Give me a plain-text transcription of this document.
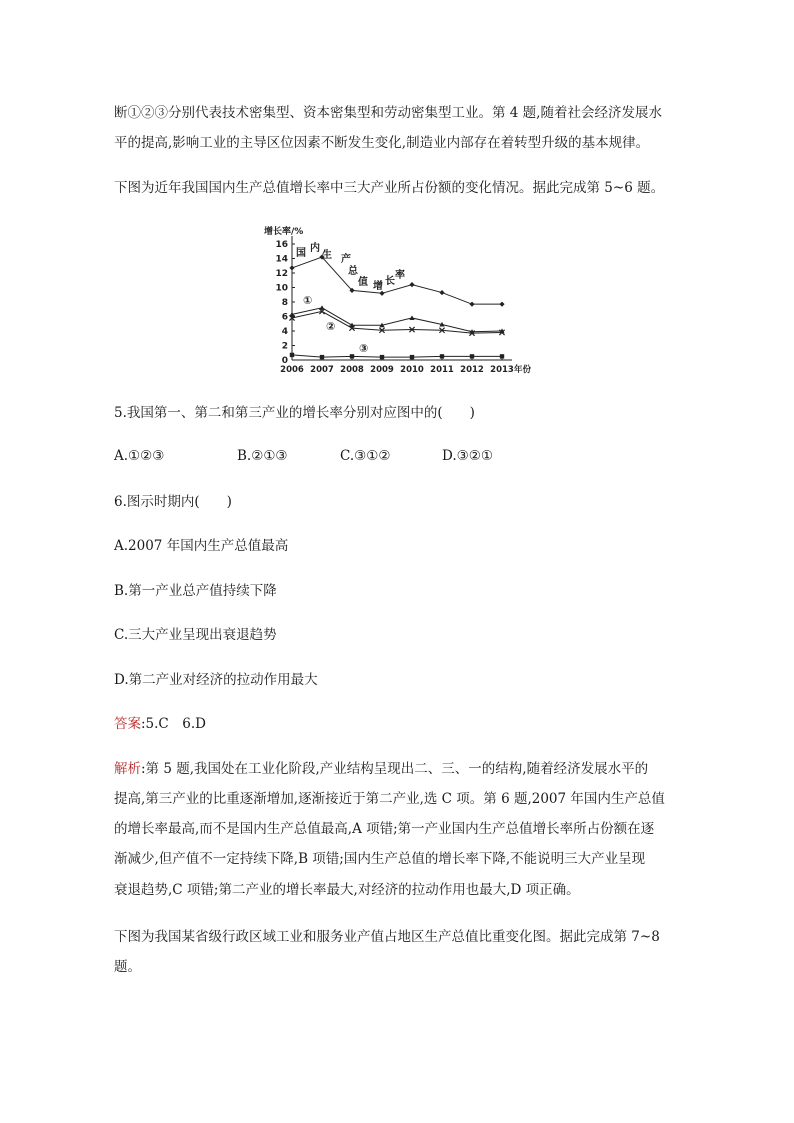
断①②③分别代表技术密集型、资本密集型和劳动密集型工业。第 4 题,随着社会经济发展水
平的提高,影响工业的主导区位因素不断发生变化,制造业内部存在着转型升级的基本规律。
下图为近年我国国内生产总值增长率中三大产业所占份额的变化情况。据此完成第 5~6 题。
增长率/%
0
2
4
6
8
10
12
14
16
2006 2007 2008 2009 2010 2011 2012 2013 年份
国 内
生 产
总
值 增 长
率
①
②
③
5.我国第一、第二和第三产业的增长率分别对应图中的(　　)
A.①②③	B.②①③	C.③①②	D.③②①
6.图示时期内(　　)
A.2007 年国内生产总值最高
B.第一产业总产值持续下降
C.三大产业呈现出衰退趋势
D.第二产业对经济的拉动作用最大
答案:5.C　6.D
解析:第 5 题,我国处在工业化阶段,产业结构呈现出二、三、一的结构,随着经济发展水平的
提高,第三产业的比重逐渐增加,逐渐接近于第二产业,选 C 项。第 6 题,2007 年国内生产总值
的增长率最高,而不是国内生产总值最高,A 项错;第一产业国内生产总值增长率所占份额在逐
渐减少,但产值不一定持续下降,B 项错;国内生产总值的增长率下降,不能说明三大产业呈现
衰退趋势,C 项错;第二产业的增长率最大,对经济的拉动作用也最大,D 项正确。
下图为我国某省级行政区域工业和服务业产值占地区生产总值比重变化图。据此完成第 7~8
题。
